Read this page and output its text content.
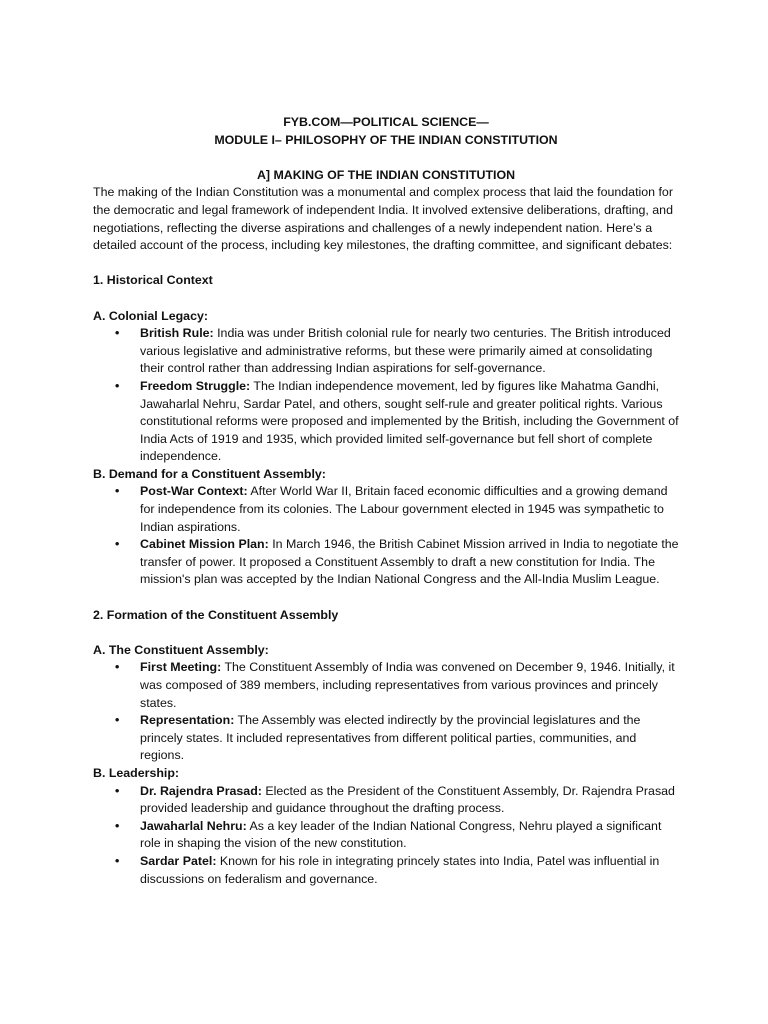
FYB.COM—POLITICAL SCIENCE—

MODULE I– PHILOSOPHY OF THE INDIAN CONSTITUTION

A] MAKING OF THE INDIAN CONSTITUTION

The making of the Indian Constitution was a monumental and complex process that laid the foundation for the democratic and legal framework of independent India. It involved extensive deliberations, drafting, and negotiations, reflecting the diverse aspirations and challenges of a newly independent nation. Here’s a detailed account of the process, including key milestones, the drafting committee, and significant debates:

1. Historical Context

A. Colonial Legacy:

• British Rule: India was under British colonial rule for nearly two centuries. The British introduced various legislative and administrative reforms, but these were primarily aimed at consolidating their control rather than addressing Indian aspirations for self-governance.
• Freedom Struggle: The Indian independence movement, led by figures like Mahatma Gandhi, Jawaharlal Nehru, Sardar Patel, and others, sought self-rule and greater political rights. Various constitutional reforms were proposed and implemented by the British, including the Government of India Acts of 1919 and 1935, which provided limited self-governance but fell short of complete independence.

B. Demand for a Constituent Assembly:

• Post-War Context: After World War II, Britain faced economic difficulties and a growing demand for independence from its colonies. The Labour government elected in 1945 was sympathetic to Indian aspirations.
• Cabinet Mission Plan: In March 1946, the British Cabinet Mission arrived in India to negotiate the transfer of power. It proposed a Constituent Assembly to draft a new constitution for India. The mission's plan was accepted by the Indian National Congress and the All-India Muslim League.

2. Formation of the Constituent Assembly

A. The Constituent Assembly:

• First Meeting: The Constituent Assembly of India was convened on December 9, 1946. Initially, it was composed of 389 members, including representatives from various provinces and princely states.
• Representation: The Assembly was elected indirectly by the provincial legislatures and the princely states. It included representatives from different political parties, communities, and regions.

B. Leadership:

• Dr. Rajendra Prasad: Elected as the President of the Constituent Assembly, Dr. Rajendra Prasad provided leadership and guidance throughout the drafting process.
• Jawaharlal Nehru: As a key leader of the Indian National Congress, Nehru played a significant role in shaping the vision of the new constitution.
• Sardar Patel: Known for his role in integrating princely states into India, Patel was influential in discussions on federalism and governance.
